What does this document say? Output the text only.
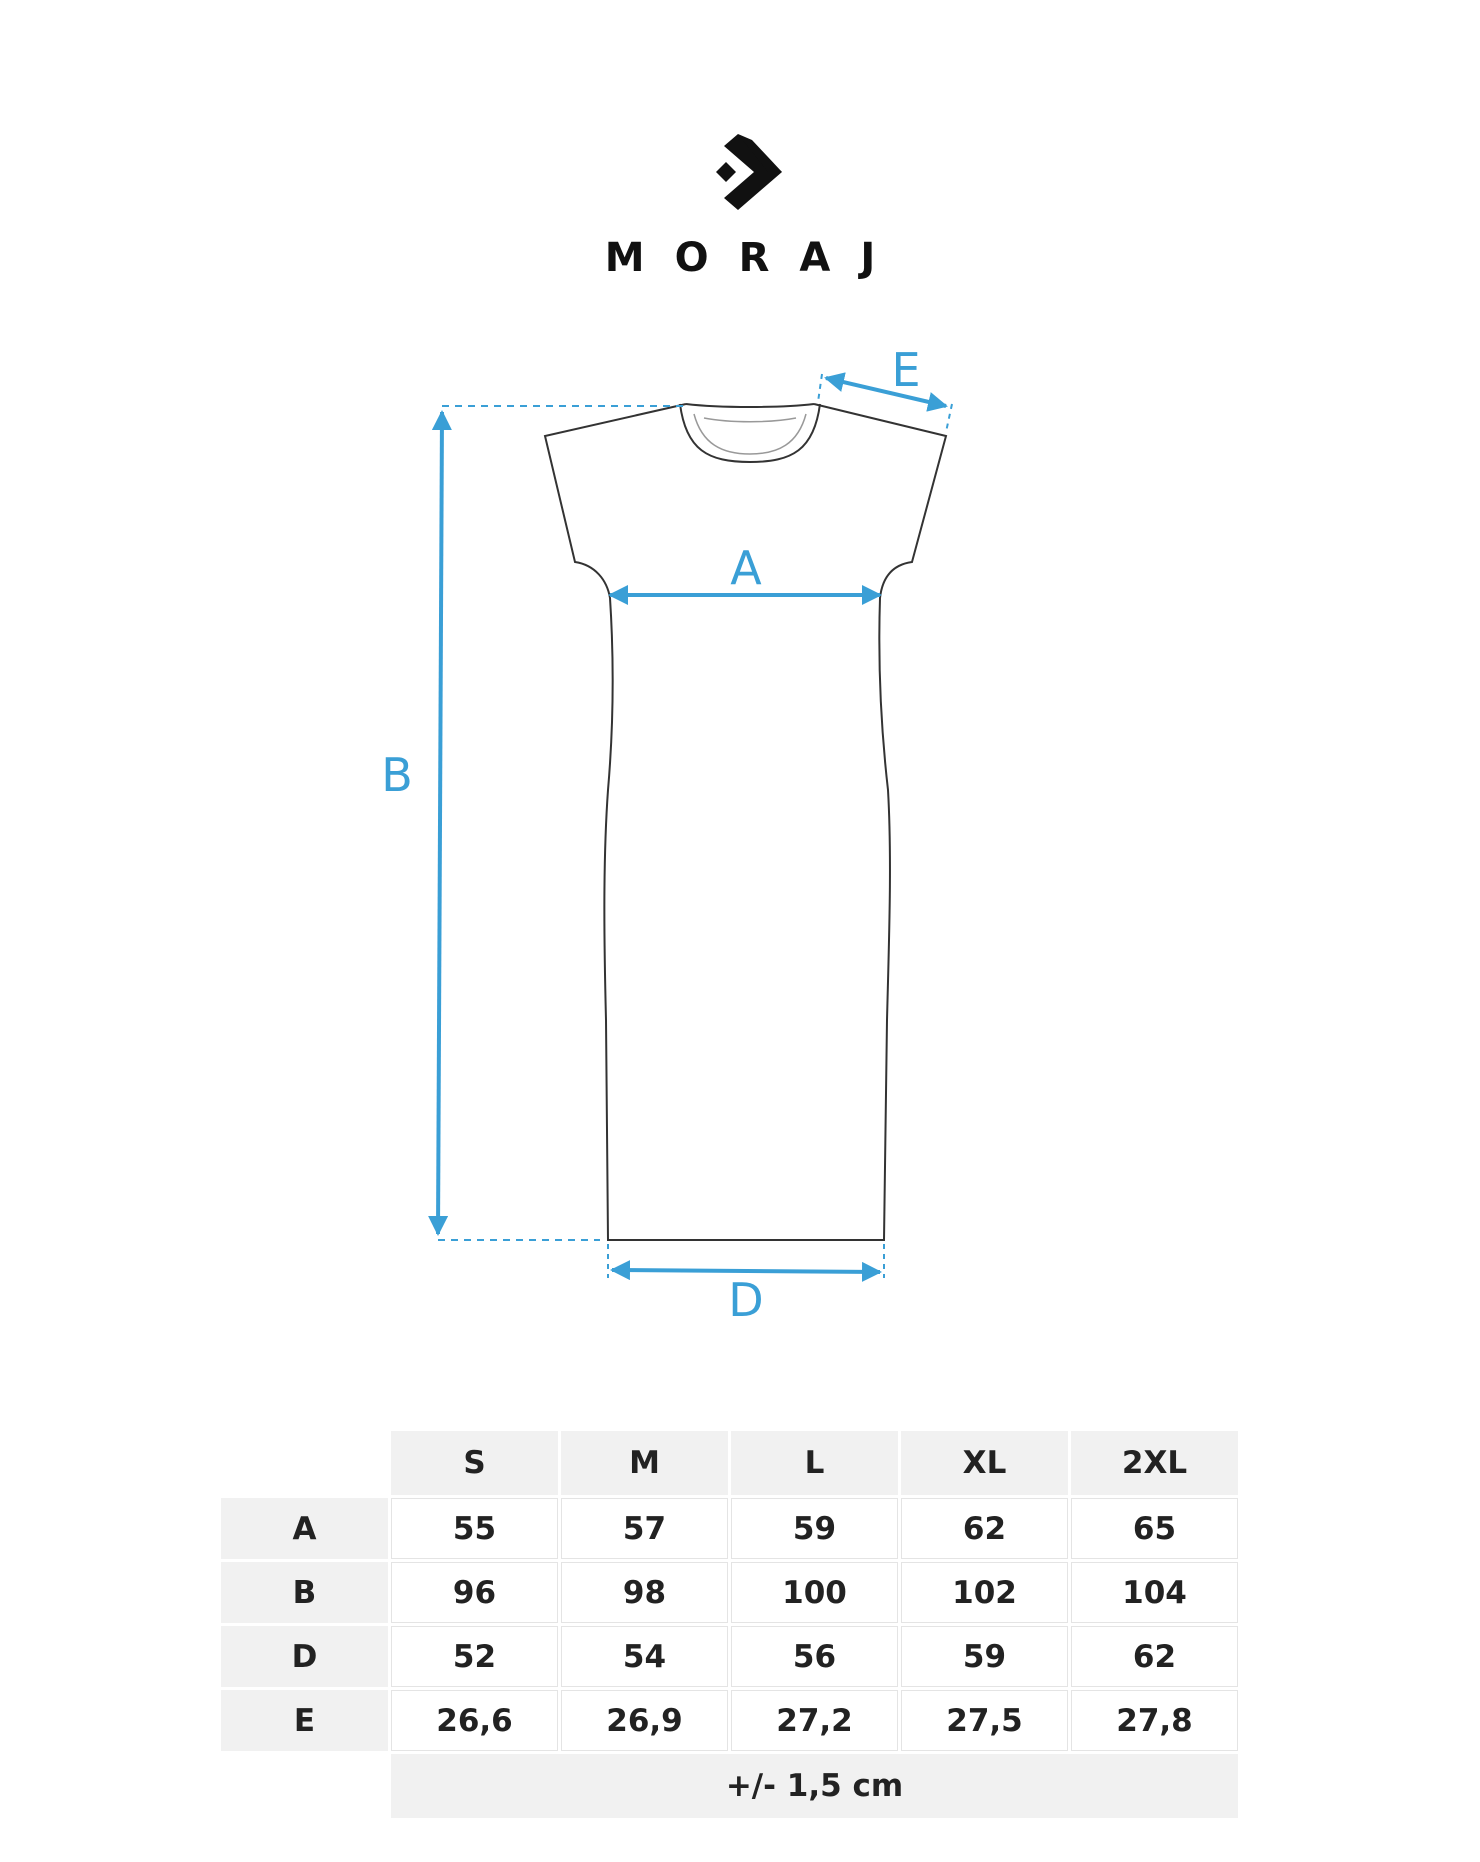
MORAJ
B
A
D
E
	S	M	L	XL	2XL
A	55	57	59	62	65
B	96	98	100	102	104
D	52	54	56	59	62
E	26,6	26,9	27,2	27,5	27,8
	+/- 1,5 cm				
